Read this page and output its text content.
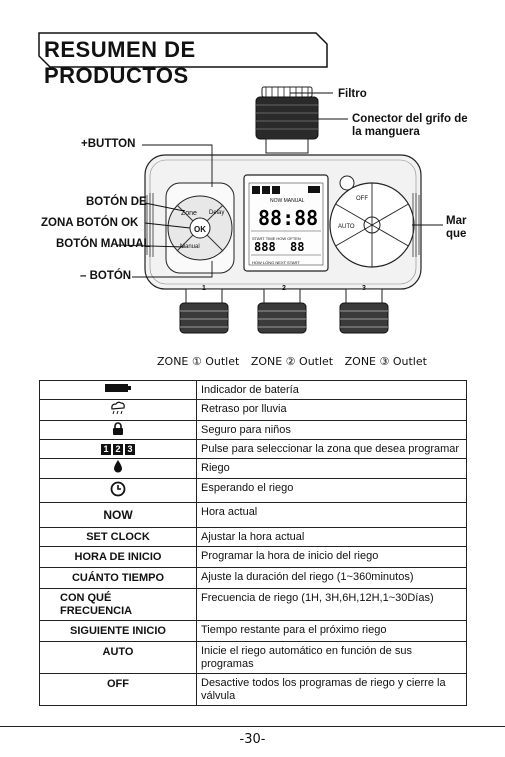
RESUMEN DE PRODUCTOS
88:88
888 88
Filtro
Conector del grifo de
la manguera
+BUTTON
BOTÓN DE
ZONA BOTÓN OK
BOTÓN MANUAL
– BOTÓN
Mar
que
Zone Delay
OK
Manual
NOW MANUAL
START TIME HOW OFTEN
HOW LONG NEXT START
AUTO
OFF
1	2	3
ZONE ① Outlet ZONE ② Outlet ZONE ③ Outlet
	Indicador de batería
	Retraso por lluvia
	Seguro para niños
1 2 3	Pulse para seleccionar la zona que desea programar
	Riego
	Esperando el riego
NOW	Hora actual
SET CLOCK	Ajustar la hora actual
HORA DE INICIO	Programar la hora de inicio del riego
CUÁNTO TIEMPO	Ajuste la duración del riego (1~360minutos)

CON QUÉ
FRECUENCIA	Frecuencia de riego (1H, 3H,6H,12H,1~30Días)
SIGUIENTE INICIO	Tiempo restante para el próximo riego
AUTO	Inicie el riego automático en función de sus programas
OFF	Desactive todos los programas de riego y cierre la válvula
-30-
